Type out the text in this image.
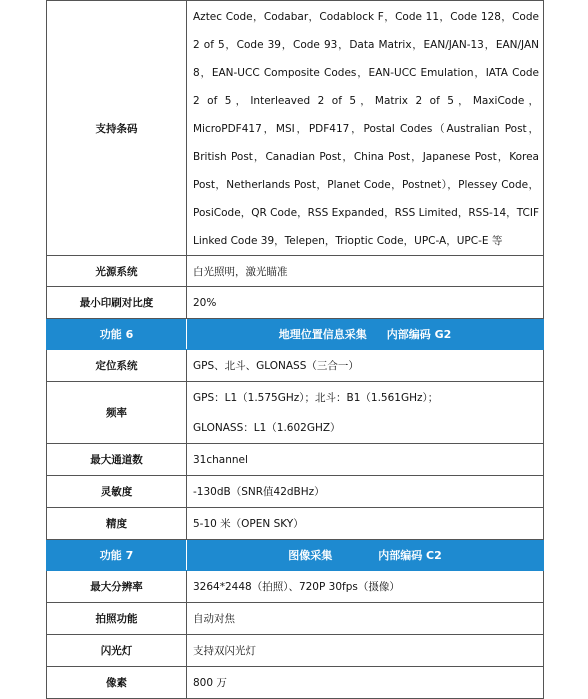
支持条码	Aztec Code，Codabar，Codablock F，Code 11，Code 128，Code 2 of 5，Code 39，Code 93，Data Matrix，EAN/JAN-13，EAN/JAN 8，EAN-UCC Composite Codes，EAN-UCC Emulation，IATA Code 2 of 5，Interleaved 2 of 5，Matrix 2 of 5，MaxiCode，MicroPDF417，MSI，PDF417，Postal Codes（Australian Post，British Post，Canadian Post，China Post，Japanese Post，Korea Post，Netherlands Post，Planet Code，Postnet），Plessey Code，PosiCode，QR Code，RSS Expanded，RSS Limited，RSS-14，TCIF Linked Code 39，Telepen，Trioptic Code，UPC-A，UPC-E 等
光源系统	白光照明，激光瞄准
最小印刷对比度	20%
功能 6	地理位置信息采集 内部编码 G2
定位系统	GPS、北斗、GLONASS（三合一）
频率	GPS：L1（1.575GHz）；北斗：B1（1.561GHz）；
GLONASS：L1（1.602GHZ）

最大通道数	31channel
灵敏度	-130dB（SNR值42dBHz）
精度	5-10 米（OPEN SKY）
功能 7	图像采集 内部编码 C2
最大分辨率	3264*2448（拍照）、720P 30fps（摄像）
拍照功能	自动对焦
闪光灯	支持双闪光灯
像素	800 万
